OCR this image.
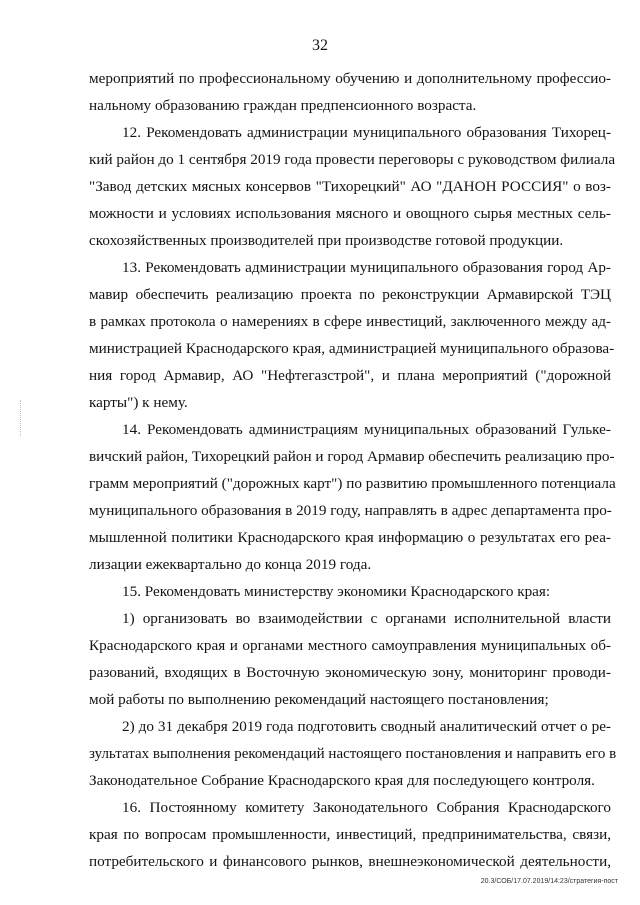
32
мероприятий по профессиональному обучению и дополнительному профессио-
нальному образованию граждан предпенсионного возраста.
12. Рекомендовать администрации муниципального образования Тихорец-
кий район до 1 сентября 2019 года провести переговоры с руководством филиала
"Завод детских мясных консервов "Тихорецкий" АО "ДАНОН РОССИЯ" о воз-
можности и условиях использования мясного и овощного сырья местных сель-
скохозяйственных производителей при производстве готовой продукции.
13. Рекомендовать администрации муниципального образования город Ар-
мавир обеспечить реализацию проекта по реконструкции Армавирской ТЭЦ
в рамках протокола о намерениях в сфере инвестиций, заключенного между ад-
министрацией Краснодарского края, администрацией муниципального образова-
ния город Армавир, АО "Нефтегазстрой", и плана мероприятий ("дорожной
карты") к нему.
14. Рекомендовать администрациям муниципальных образований Гульке-
вичский район, Тихорецкий район и город Армавир обеспечить реализацию про-
грамм мероприятий ("дорожных карт") по развитию промышленного потенциала
муниципального образования в 2019 году, направлять в адрес департамента про-
мышленной политики Краснодарского края информацию о результатах его реа-
лизации ежеквартально до конца 2019 года.
15. Рекомендовать министерству экономики Краснодарского края:
1) организовать во взаимодействии с органами исполнительной власти
Краснодарского края и органами местного самоуправления муниципальных об-
разований, входящих в Восточную экономическую зону, мониторинг проводи-
мой работы по выполнению рекомендаций настоящего постановления;
2) до 31 декабря 2019 года подготовить сводный аналитический отчет о ре-
зультатах выполнения рекомендаций настоящего постановления и направить его в
Законодательное Собрание Краснодарского края для последующего контроля.
16. Постоянному комитету Законодательного Собрания Краснодарского
края по вопросам промышленности, инвестиций, предпринимательства, связи,
потребительского и финансового рынков, внешнеэкономической деятельности,
20.3/СОБ/17.07.2019/14:23/стратегия-пост
